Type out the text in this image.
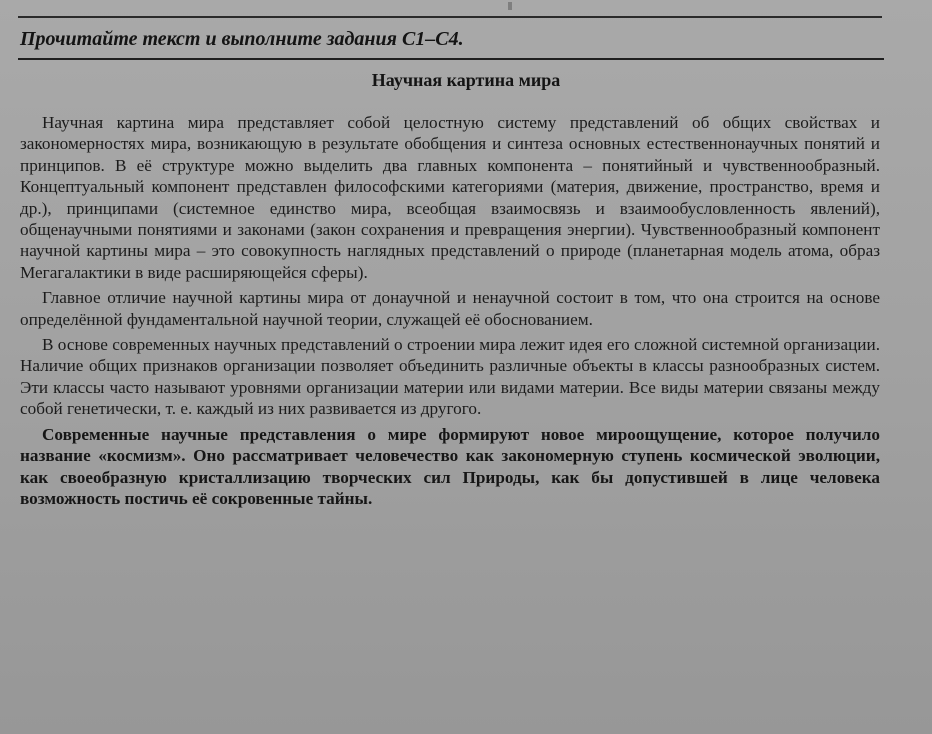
Прочитайте текст и выполните задания С1–С4.
Научная картина мира

Научная картина мира представляет собой целостную систему представлений об общих свойствах и закономерностях мира, возникающую в результате обобщения и синтеза основных естественнонаучных понятий и принципов. В её структуре можно выделить два главных компонента – понятийный и чувственнообразный. Концептуальный компонент представлен философскими категориями (материя, движение, пространство, время и др.), принципами (системное единство мира, всеобщая взаимосвязь и взаимообусловленность явлений), общенаучными понятиями и законами (закон сохранения и превращения энергии). Чувственнообразный компонент научной картины мира – это совокупность наглядных представлений о природе (планетарная модель атома, образ Мегагалактики в виде расширяющейся сферы).

Главное отличие научной картины мира от донаучной и ненаучной состоит в том, что она строится на основе определённой фундаментальной научной теории, служащей её обоснованием.

В основе современных научных представлений о строении мира лежит идея его сложной системной организации. Наличие общих признаков организации позволяет объединить различные объекты в классы разнообразных систем. Эти классы часто называют уровнями организации материи или видами материи. Все виды материи связаны между собой генетически, т. е. каждый из них развивается из другого.

Современные научные представления о мире формируют новое мироощущение, которое получило название «космизм». Оно рассматривает человечество как закономерную ступень космической эволюции, как своеобразную кристаллизацию творческих сил Природы, как бы допустившей в лице человека возможность постичь её сокровенные тайны.
